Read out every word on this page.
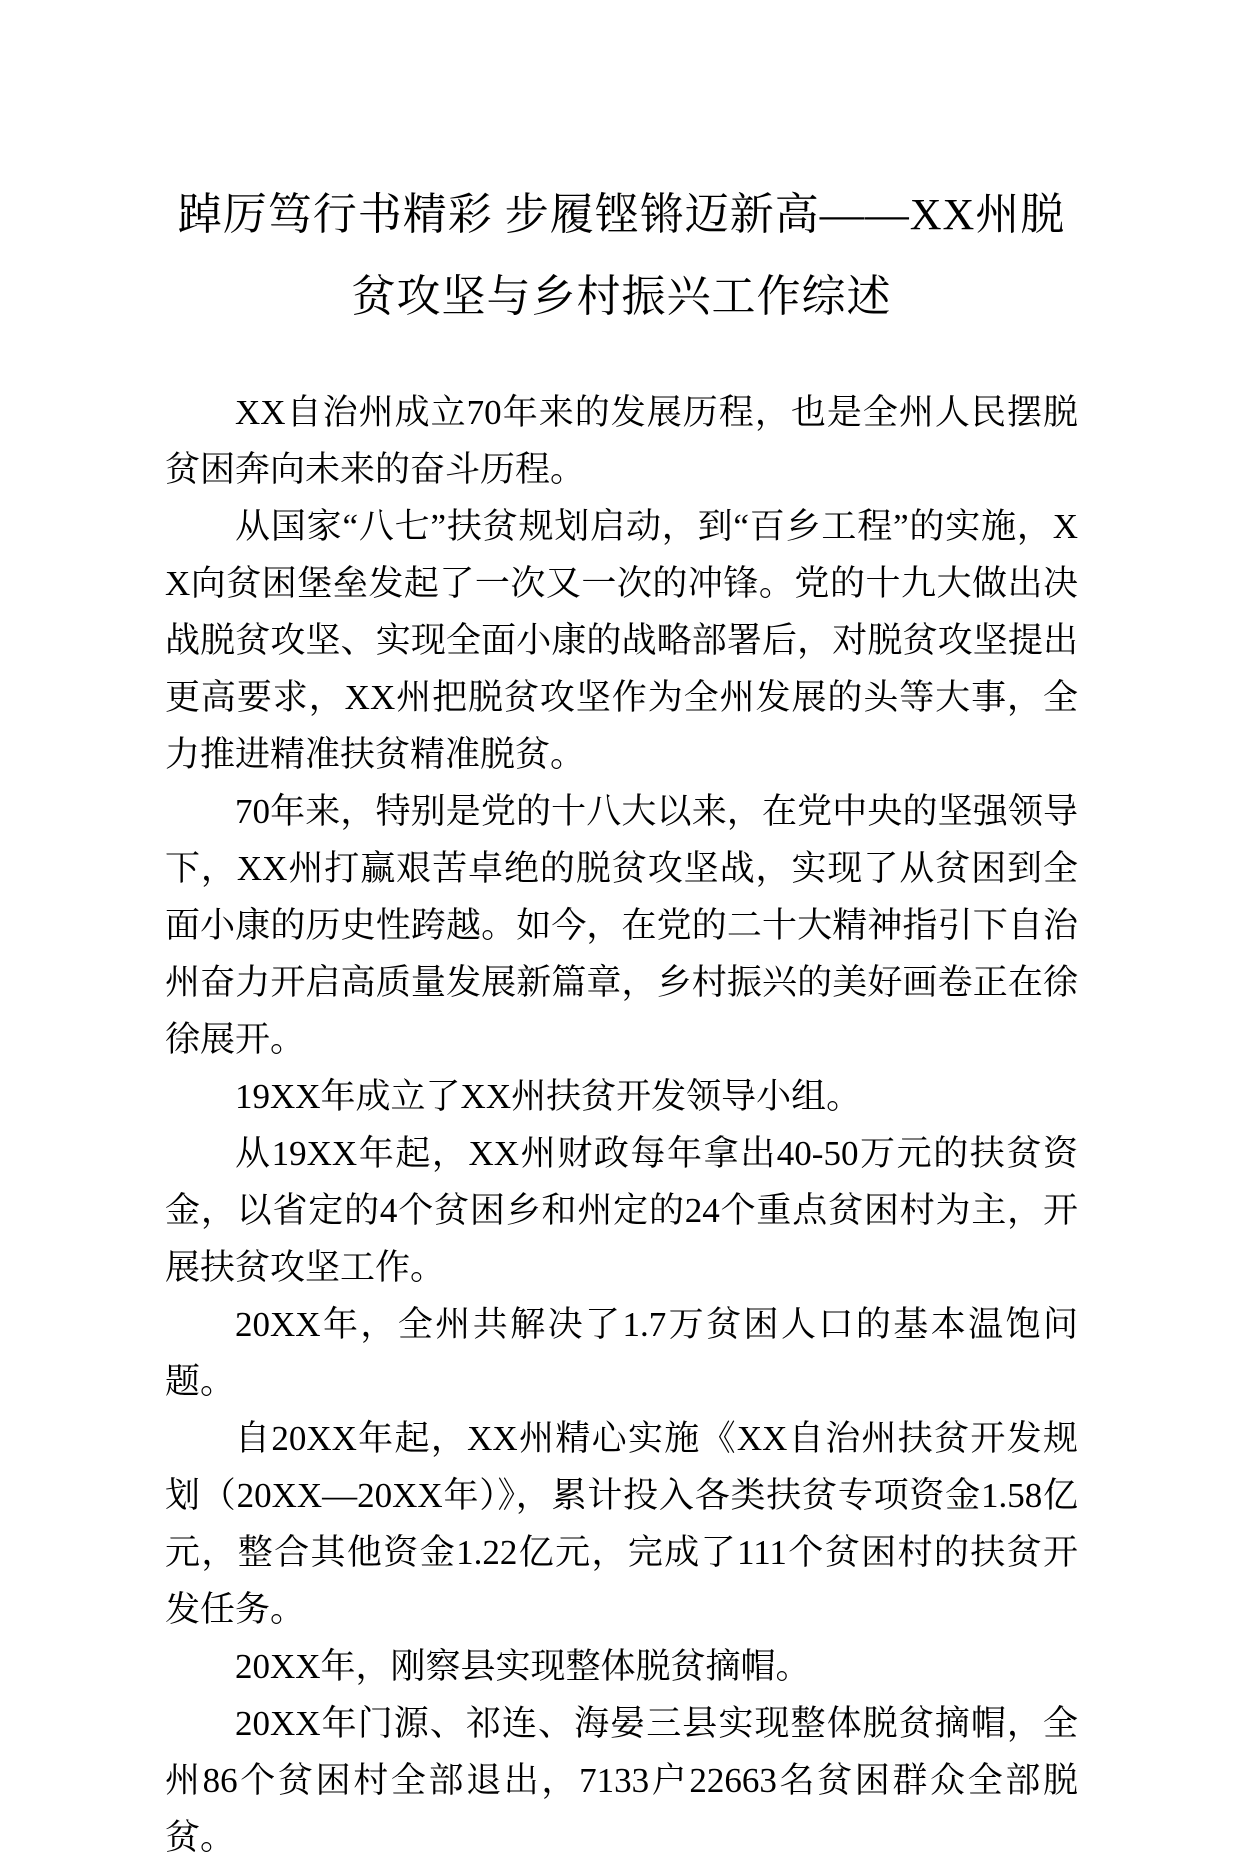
踔厉笃行书精彩 步履铿锵迈新高——XX州脱贫攻坚与乡村振兴工作综述

XX自治州成立70年来的发展历程，也是全州人民摆脱贫困奔向未来的奋斗历程。

从国家“八七”扶贫规划启动，到“百乡工程”的实施，XX向贫困堡垒发起了一次又一次的冲锋。党的十九大做出决战脱贫攻坚、实现全面小康的战略部署后，对脱贫攻坚提出更高要求，XX州把脱贫攻坚作为全州发展的头等大事，全力推进精准扶贫精准脱贫。

70年来，特别是党的十八大以来，在党中央的坚强领导下，XX州打赢艰苦卓绝的脱贫攻坚战，实现了从贫困到全面小康的历史性跨越。如今，在党的二十大精神指引下自治州奋力开启高质量发展新篇章，乡村振兴的美好画卷正在徐徐展开。

19XX年成立了XX州扶贫开发领导小组。

从19XX年起，XX州财政每年拿出40-50万元的扶贫资金，以省定的4个贫困乡和州定的24个重点贫困村为主，开展扶贫攻坚工作。

20XX年，全州共解决了1.7万贫困人口的基本温饱问题。

自20XX年起，XX州精心实施《XX自治州扶贫开发规划（20XX—20XX年）》，累计投入各类扶贫专项资金1.58亿元，整合其他资金1.22亿元，完成了111个贫困村的扶贫开发任务。

20XX年，刚察县实现整体脱贫摘帽。

20XX年门源、祁连、海晏三县实现整体脱贫摘帽，全州86个贫困村全部退出，7133户22663名贫困群众全部脱贫。
